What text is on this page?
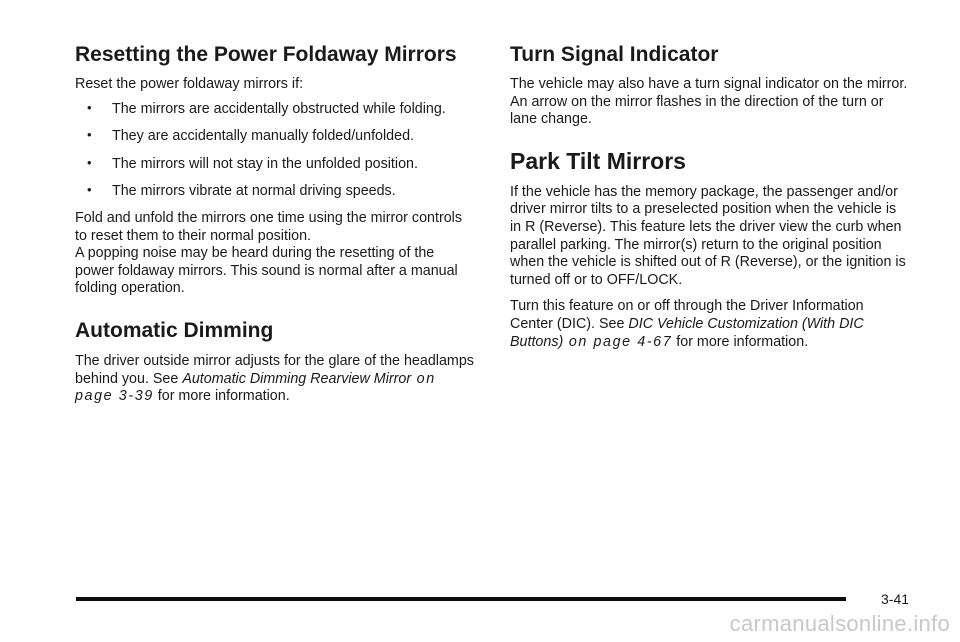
Resetting the Power Foldaway Mirrors

Reset the power foldaway mirrors if:

• The mirrors are accidentally obstructed while folding.
• They are accidentally manually folded/unfolded.
• The mirrors will not stay in the unfolded position.
• The mirrors vibrate at normal driving speeds.

Fold and unfold the mirrors one time using the mirror controls to reset them to their normal position.

A popping noise may be heard during the resetting of the power foldaway mirrors. This sound is normal after a manual folding operation.

Automatic Dimming

The driver outside mirror adjusts for the glare of the headlamps behind you. See Automatic Dimming Rearview Mirror on page 3‑39 for more information.

Turn Signal Indicator

The vehicle may also have a turn signal indicator on the mirror. An arrow on the mirror flashes in the direction of the turn or lane change.

Park Tilt Mirrors

If the vehicle has the memory package, the passenger and/or driver mirror tilts to a preselected position when the vehicle is in R (Reverse). This feature lets the driver view the curb when parallel parking. The mirror(s) return to the original position when the vehicle is shifted out of R (Reverse), or the ignition is turned off or to OFF/LOCK.

Turn this feature on or off through the Driver Information Center (DIC). See DIC Vehicle Customization (With DIC Buttons) on page 4‑67 for more information.

3-41
carmanualsonline.info
